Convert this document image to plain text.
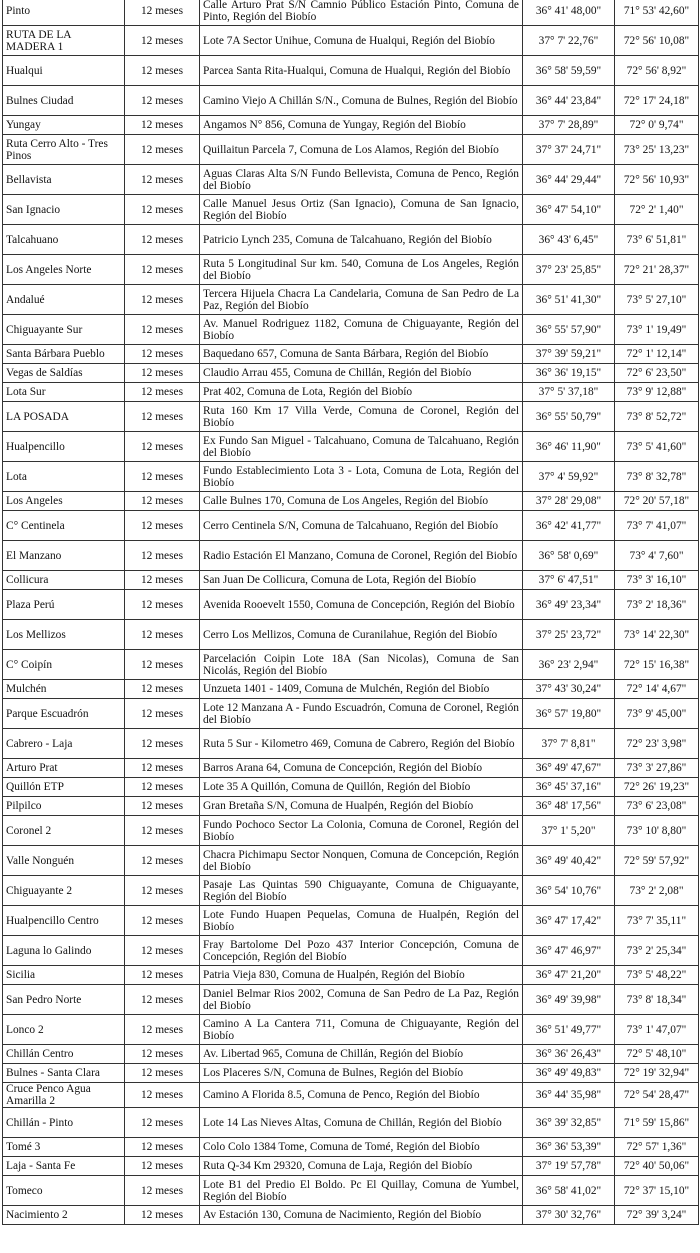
Pinto	12 meses	Calle Arturo Prat S/N Camnio Público Estación Pinto, Comuna de Pinto, Región del Biobío	36° 41' 48,00"	71° 53' 42,60"
RUTA DE LA MADERA 1	12 meses	Lote 7A Sector Unihue, Comuna de Hualqui, Región del Biobío	37° 7' 22,76"	72° 56' 10,08"
Hualqui	12 meses	Parcea Santa Rita-Hualqui, Comuna de Hualqui, Región del Biobío	36° 58' 59,59"	72° 56' 8,92"
Bulnes Ciudad	12 meses	Camino Viejo A Chillán S/N., Comuna de Bulnes, Región del Biobío	36° 44' 23,84"	72° 17' 24,18"
Yungay	12 meses	Angamos N° 856, Comuna de Yungay, Región del Biobío	37° 7' 28,89"	72° 0' 9,74"
Ruta Cerro Alto - Tres Pinos	12 meses	Quillaitun Parcela 7, Comuna de Los Alamos, Región del Biobío	37° 37' 24,71"	73° 25' 13,23"
Bellavista	12 meses	Aguas Claras Alta S/N Fundo Bellevista, Comuna de Penco, Región del Biobío	36° 44' 29,44"	72° 56' 10,93"
San Ignacio	12 meses	Calle Manuel Jesus Ortiz (San Ignacio), Comuna de San Ignacio, Región del Biobío	36° 47' 54,10"	72° 2' 1,40"
Talcahuano	12 meses	Patricio Lynch 235, Comuna de Talcahuano, Región del Biobío	36° 43' 6,45"	73° 6' 51,81"
Los Angeles Norte	12 meses	Ruta 5 Longitudinal Sur km. 540, Comuna de Los Angeles, Región del Biobío	37° 23' 25,85"	72° 21' 28,37"
Andalué	12 meses	Tercera Hijuela Chacra La Candelaria, Comuna de San Pedro de La Paz, Región del Biobío	36° 51' 41,30"	73° 5' 27,10"
Chiguayante Sur	12 meses	Av. Manuel Rodriguez 1182, Comuna de Chiguayante, Región del Biobío	36° 55' 57,90"	73° 1' 19,49"
Santa Bárbara Pueblo	12 meses	Baquedano 657, Comuna de Santa Bárbara, Región del Biobío	37° 39' 59,21"	72° 1' 12,14"
Vegas de Saldías	12 meses	Claudio Arrau 455, Comuna de Chillán, Región del Biobío	36° 36' 19,15"	72° 6' 23,50"
Lota Sur	12 meses	Prat 402, Comuna de Lota, Región del Biobío	37° 5' 37,18"	73° 9' 12,88"
LA POSADA	12 meses	Ruta 160 Km 17 Villa Verde, Comuna de Coronel, Región del Biobío	36° 55' 50,79"	73° 8' 52,72"
Hualpencillo	12 meses	Ex Fundo San Miguel - Talcahuano, Comuna de Talcahuano, Región del Biobío	36° 46' 11,90"	73° 5' 41,60"
Lota	12 meses	Fundo Establecimiento Lota 3 - Lota, Comuna de Lota, Región del Biobío	37° 4' 59,92"	73° 8' 32,78"
Los Angeles	12 meses	Calle Bulnes 170, Comuna de Los Angeles, Región del Biobío	37° 28' 29,08"	72° 20' 57,18"
C° Centinela	12 meses	Cerro Centinela S/N, Comuna de Talcahuano, Región del Biobío	36° 42' 41,77"	73° 7' 41,07"
El Manzano	12 meses	Radio Estación El Manzano, Comuna de Coronel, Región del Biobío	36° 58' 0,69"	73° 4' 7,60"
Collicura	12 meses	San Juan De Collicura, Comuna de Lota, Región del Biobío	37° 6' 47,51"	73° 3' 16,10"
Plaza Perú	12 meses	Avenida Rooevelt 1550, Comuna de Concepción, Región del Biobío	36° 49' 23,34"	73° 2' 18,36"
Los Mellizos	12 meses	Cerro Los Mellizos, Comuna de Curanilahue, Región del Biobío	37° 25' 23,72"	73° 14' 22,30"
C° Coipín	12 meses	Parcelación Coipin Lote 18A (San Nicolas), Comuna de San Nicolás, Región del Biobío	36° 23' 2,94"	72° 15' 16,38"
Mulchén	12 meses	Unzueta 1401 - 1409, Comuna de Mulchén, Región del Biobío	37° 43' 30,24"	72° 14' 4,67"
Parque Escuadrón	12 meses	Lote 12 Manzana A - Fundo Escuadrón, Comuna de Coronel, Región del Biobío	36° 57' 19,80"	73° 9' 45,00"
Cabrero - Laja	12 meses	Ruta 5 Sur - Kilometro 469, Comuna de Cabrero, Región del Biobío	37° 7' 8,81"	72° 23' 3,98"
Arturo Prat	12 meses	Barros Arana 64, Comuna de Concepción, Región del Biobío	36° 49' 47,67"	73° 3' 27,86"
Quillón ETP	12 meses	Lote 35 A Quillón, Comuna de Quillón, Región del Biobío	36° 45' 37,16"	72° 26' 19,23"
Pilpilco	12 meses	Gran Bretaña S/N, Comuna de Hualpén, Región del Biobío	36° 48' 17,56"	73° 6' 23,08"
Coronel 2	12 meses	Fundo Pochoco Sector La Colonia, Comuna de Coronel, Región del Biobío	37° 1' 5,20"	73° 10' 8,80"
Valle Nonguén	12 meses	Chacra Pichimapu Sector Nonquen, Comuna de Concepción, Región del Biobío	36° 49' 40,42"	72° 59' 57,92"
Chiguayante 2	12 meses	Pasaje Las Quintas 590 Chiguayante, Comuna de Chiguayante, Región del Biobío	36° 54' 10,76"	73° 2' 2,08"
Hualpencillo Centro	12 meses	Lote Fundo Huapen Pequelas, Comuna de Hualpén, Región del Biobío	36° 47' 17,42"	73° 7' 35,11"
Laguna lo Galindo	12 meses	Fray Bartolome Del Pozo 437 Interior Concepción, Comuna de Concepción, Región del Biobío	36° 47' 46,97"	73° 2' 25,34"
Sicilia	12 meses	Patria Vieja 830, Comuna de Hualpén, Región del Biobío	36° 47' 21,20"	73° 5' 48,22"
San Pedro Norte	12 meses	Daniel Belmar Rios 2002, Comuna de San Pedro de La Paz, Región del Biobío	36° 49' 39,98"	73° 8' 18,34"
Lonco 2	12 meses	Camino A La Cantera 711, Comuna de Chiguayante, Región del Biobío	36° 51' 49,77"	73° 1' 47,07"
Chillán Centro	12 meses	Av. Libertad 965, Comuna de Chillán, Región del Biobío	36° 36' 26,43"	72° 5' 48,10"
Bulnes - Santa Clara	12 meses	Los Placeres S/N, Comuna de Bulnes, Región del Biobío	36° 49' 49,83"	72° 19' 32,94"
Cruce Penco Agua Amarilla 2	12 meses	Camino A Florida 8.5, Comuna de Penco, Región del Biobío	36° 44' 35,98"	72° 54' 28,47"
Chillán - Pinto	12 meses	Lote 14 Las Nieves Altas, Comuna de Chillán, Región del Biobío	36° 39' 32,85"	71° 59' 15,86"
Tomé 3	12 meses	Colo Colo 1384 Tome, Comuna de Tomé, Región del Biobío	36° 36' 53,39"	72° 57' 1,36"
Laja - Santa Fe	12 meses	Ruta Q-34 Km 29320, Comuna de Laja, Región del Biobío	37° 19' 57,78"	72° 40' 50,06"
Tomeco	12 meses	Lote B1 del Predio El Boldo. Pc El Quillay, Comuna de Yumbel, Región del Biobío	36° 58' 41,02"	72° 37' 15,10"
Nacimiento 2	12 meses	Av Estación 130, Comuna de Nacimiento, Región del Biobío	37° 30' 32,76"	72° 39' 3,24"
